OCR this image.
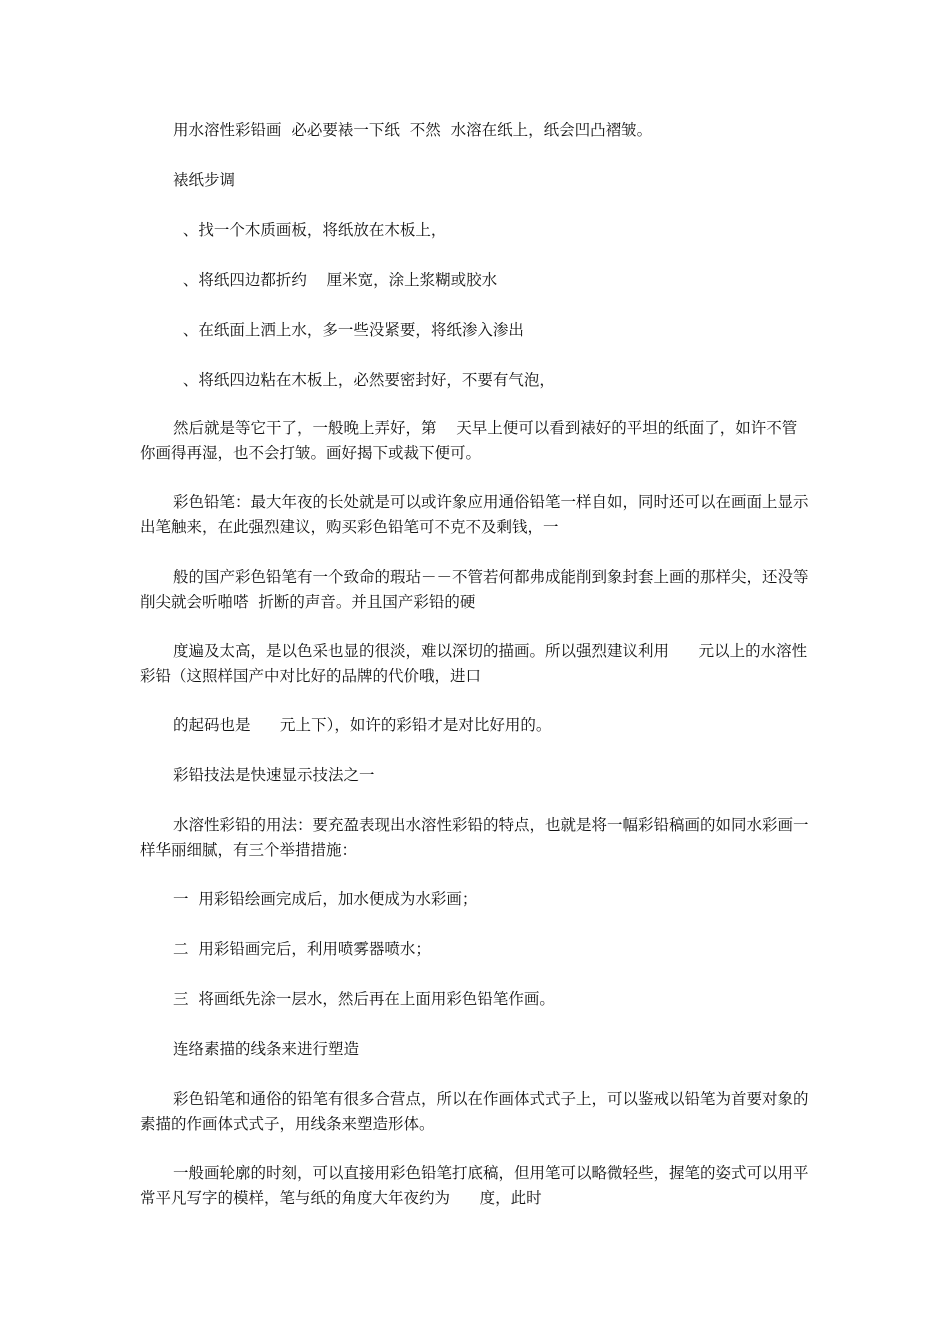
用水溶性彩铅画  必必要裱一下纸  不然  水溶在纸上，纸会凹凸褶皱。

裱纸步调

、找一个木质画板，将纸放在木板上，

、将纸四边都折约    厘米宽，涂上浆糊或胶水

、在纸面上洒上水，多一些没紧要，将纸渗入渗出

、将纸四边粘在木板上，必然要密封好，不要有气泡，

然后就是等它干了，一般晚上弄好，第    天早上便可以看到裱好的平坦的纸面了，如许不管你画得再湿，也不会打皱。画好揭下或裁下便可。

彩色铅笔：最大年夜的长处就是可以或许象应用通俗铅笔一样自如，同时还可以在画面上显示出笔触来，在此强烈建议，购买彩色铅笔可不克不及剩钱，一

般的国产彩色铅笔有一个致命的瑕玷－－不管若何都弗成能削到象封套上画的那样尖，还没等削尖就会听啪嗒  折断的声音。并且国产彩铅的硬

度遍及太高，是以色采也显的很淡，难以深切的描画。所以强烈建议利用      元以上的水溶性彩铅（这照样国产中对比好的品牌的代价哦，进口

的起码也是      元上下），如许的彩铅才是对比好用的。

彩铅技法是快速显示技法之一

水溶性彩铅的用法：要充盈表现出水溶性彩铅的特点，也就是将一幅彩铅稿画的如同水彩画一样华丽细腻，有三个举措措施：

一  用彩铅绘画完成后，加水便成为水彩画；

二  用彩铅画完后，利用喷雾器喷水；

三  将画纸先涂一层水，然后再在上面用彩色铅笔作画。

连络素描的线条来进行塑造

彩色铅笔和通俗的铅笔有很多合营点，所以在作画体式式子上，可以鉴戒以铅笔为首要对象的素描的作画体式式子，用线条来塑造形体。

一般画轮廓的时刻，可以直接用彩色铅笔打底稿，但用笔可以略微轻些，握笔的姿式可以用平常平凡写字的模样，笔与纸的角度大年夜约为      度，此时
